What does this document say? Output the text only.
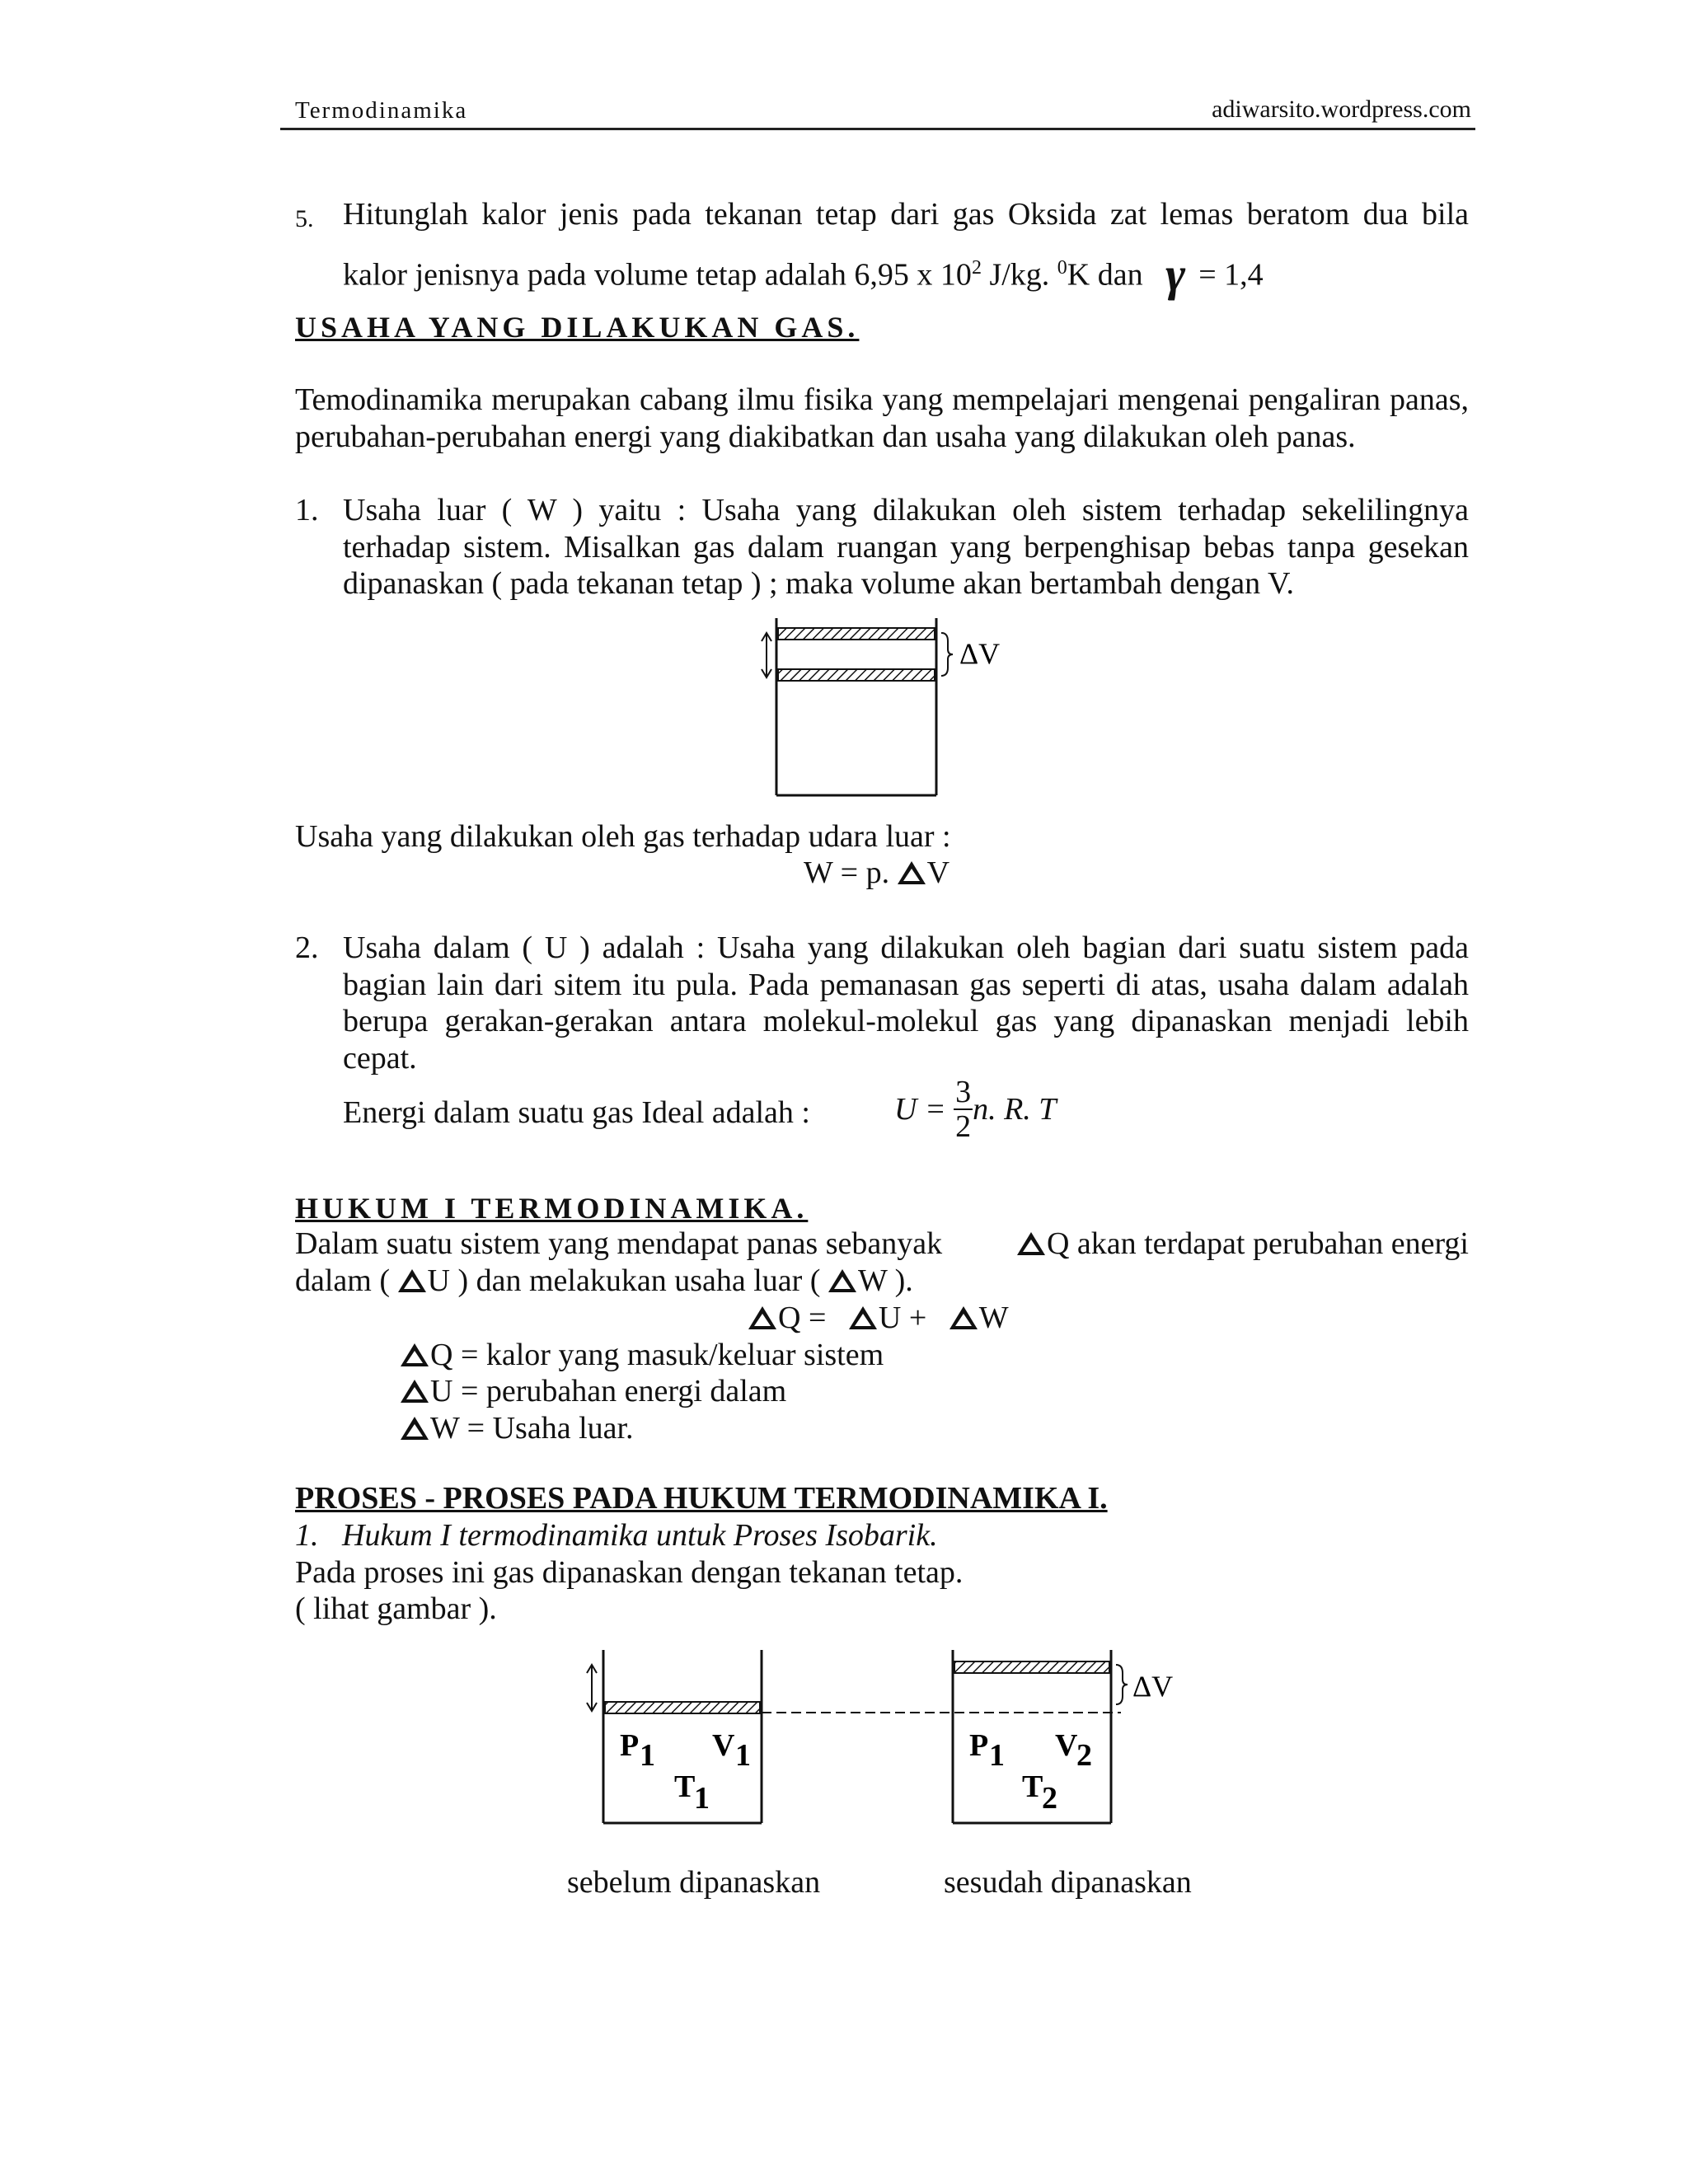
Termodinamika	adiwarsito.wordpress.com
5. Hitunglah kalor jenis pada tekanan tetap dari gas Oksida zat lemas beratom dua bila
kalor jenisnya pada volume tetap adalah 6,95 x $10^2$ J/kg. $^0$K dan γ = 1,4
USAHA YANG DILAKUKAN GAS.
Temodinamika merupakan cabang ilmu fisika yang mempelajari mengenai pengaliran panas, perubahan-perubahan energi yang diakibatkan dan usaha yang dilakukan oleh panas.
1. Usaha luar ( W ) yaitu : Usaha yang dilakukan oleh sistem terhadap sekelilingnya terhadap sistem. Misalkan gas dalam ruangan yang berpenghisap bebas tanpa gesekan dipanaskan ( pada tekanan tetap ) ; maka volume akan bertambah dengan V.
ΔV
Usaha yang dilakukan oleh gas terhadap udara luar :
W = p. V
2. Usaha dalam ( U ) adalah : Usaha yang dilakukan oleh bagian dari suatu sistem pada bagian lain dari sitem itu pula. Pada pemanasan gas seperti di atas, usaha dalam adalah berupa gerakan-gerakan antara molekul-molekul gas yang dipanaskan menjadi lebih cepat.
Energi dalam suatu gas Ideal adalah :	$U = \frac{3}{2} n$. R. T
HUKUM I TERMODINAMIKA.
Dalam suatu sistem yang mendapat panas sebanyak	Q akan terdapat perubahan energi
dalam ( U ) dan melakukan usaha luar ( W ).
Q = U + W
Q = kalor yang masuk/keluar sistem
U = perubahan energi dalam
W = Usaha luar.
PROSES - PROSES PADA HUKUM TERMODINAMIKA I.
1.   Hukum I termodinamika untuk Proses Isobarik.
Pada proses ini gas dipanaskan dengan tekanan tetap.
( lihat gambar ).
P 1 V 1
T
1
ΔV
P 1 V
2
T
2
sebelum dipanaskan	sesudah dipanaskan
